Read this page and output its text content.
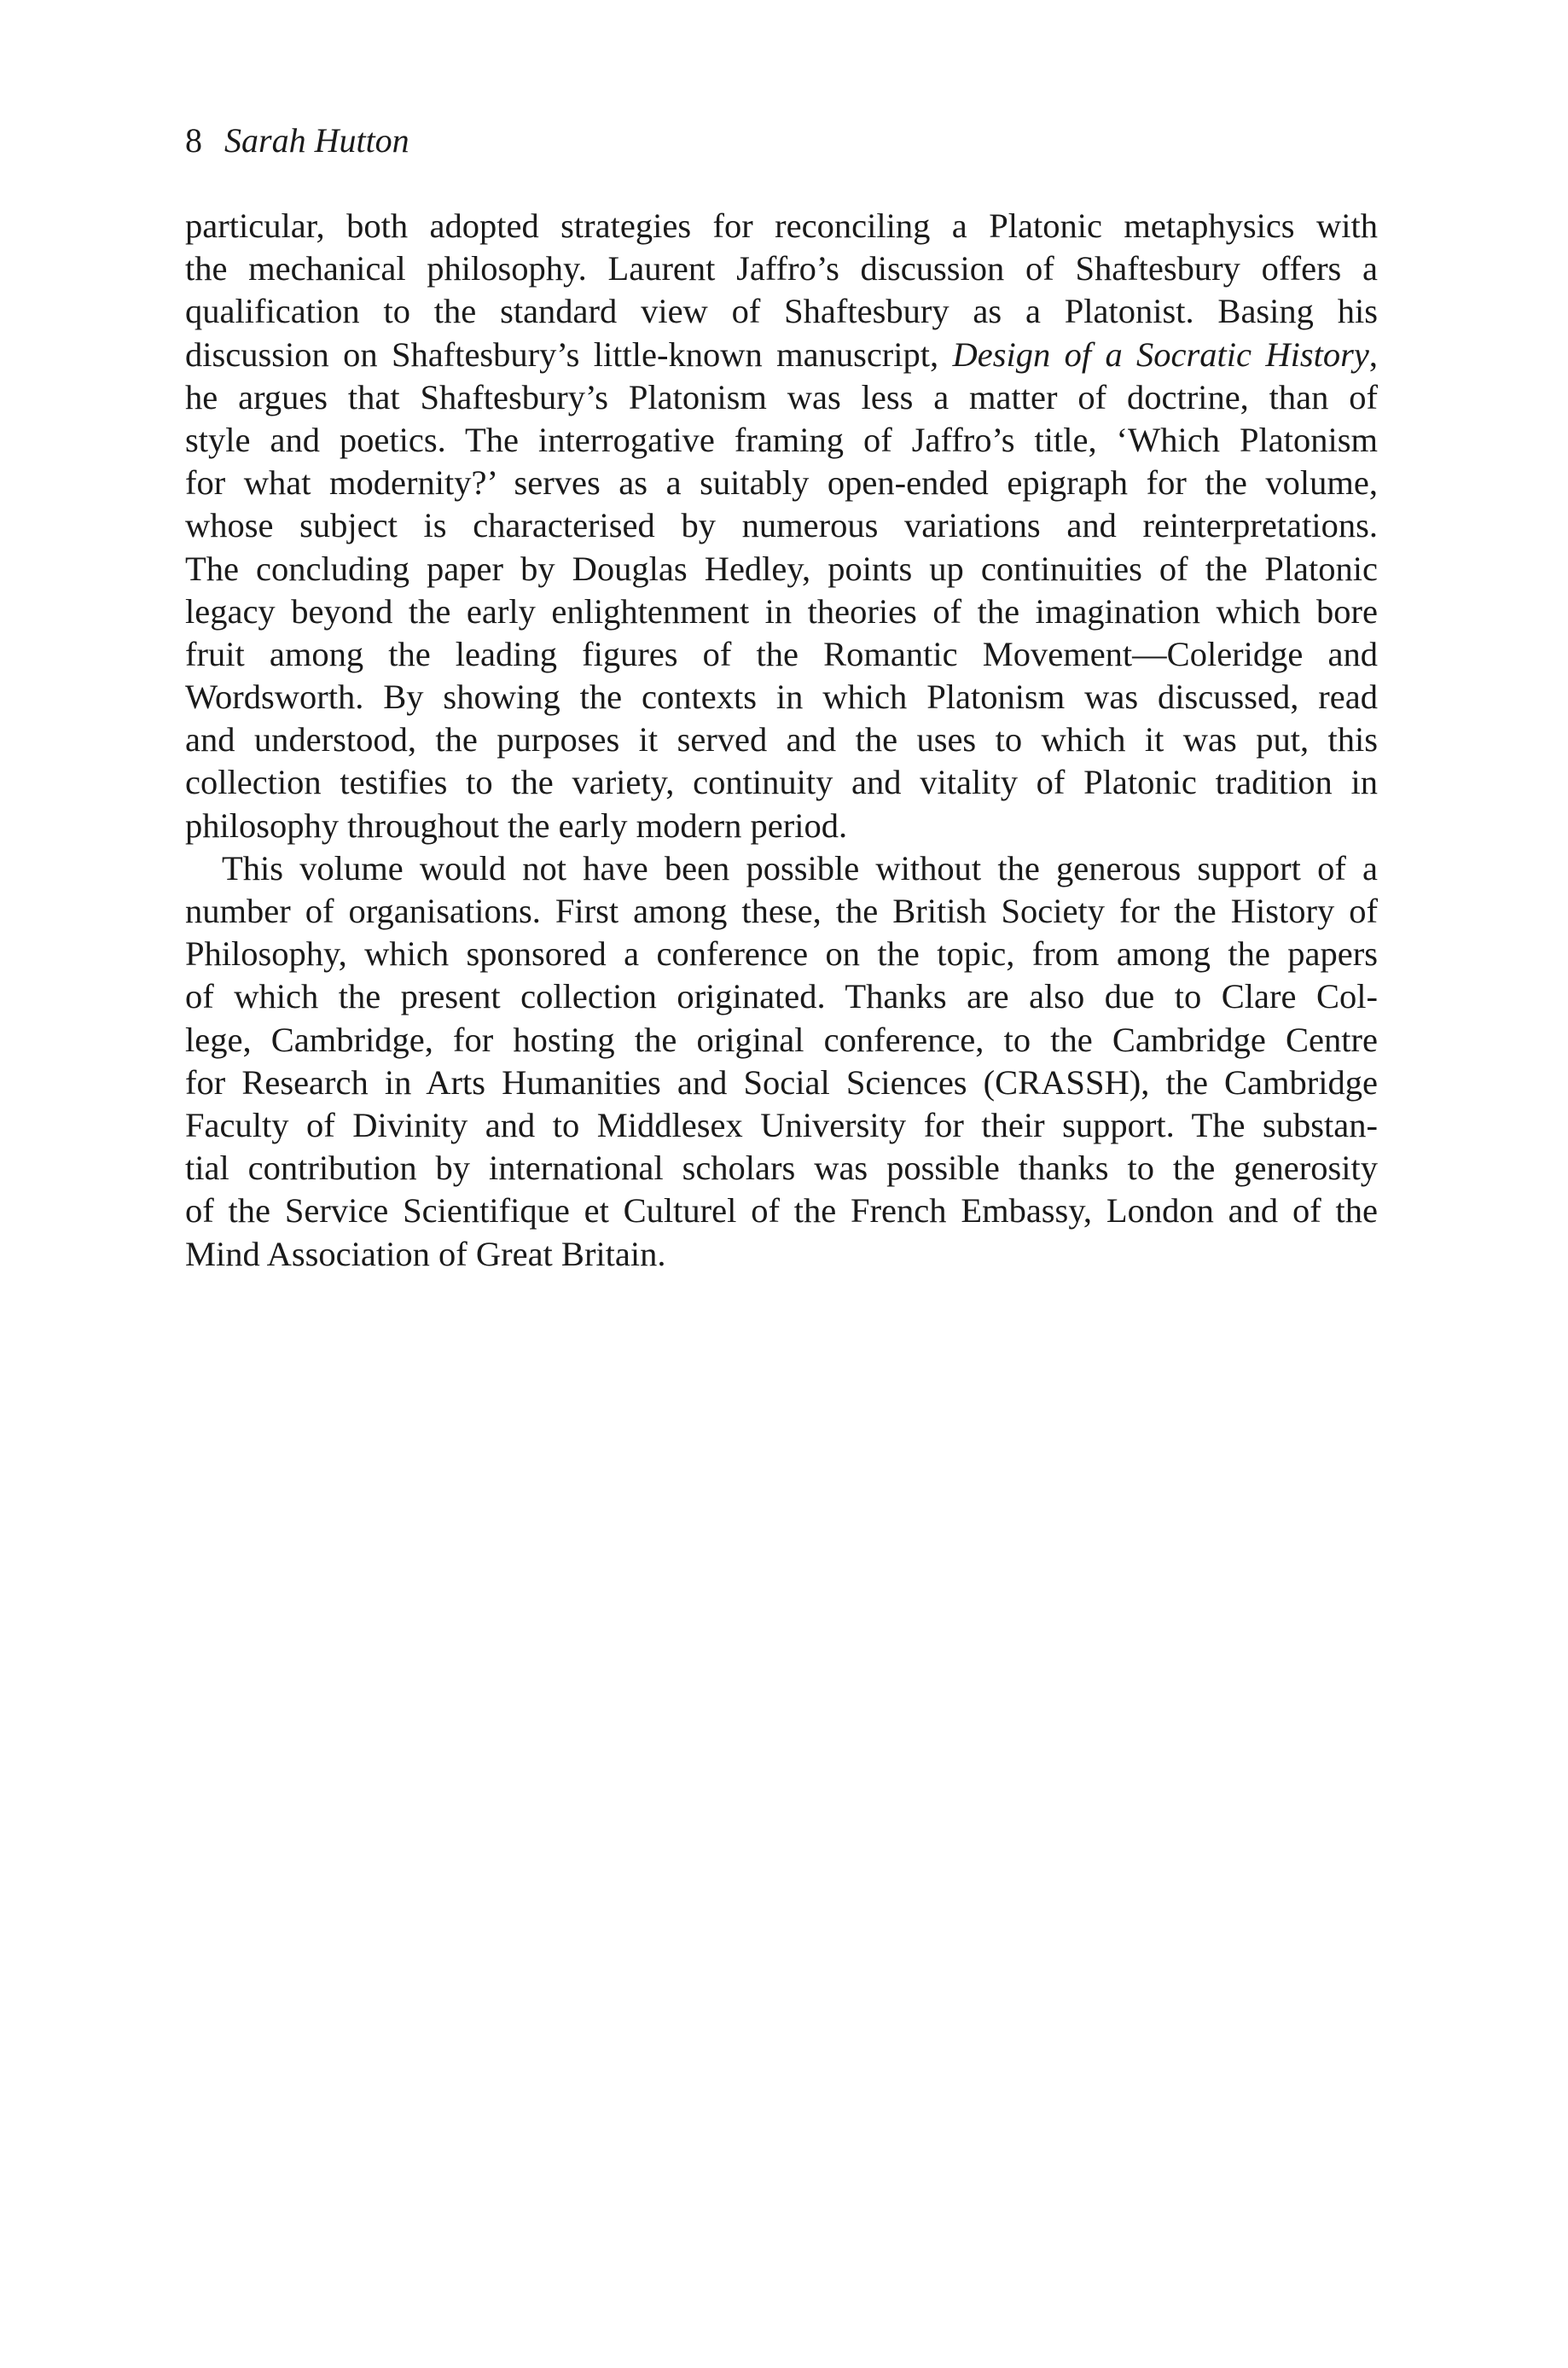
8 Sarah Hutton
particular, both adopted strategies for reconciling a Platonic metaphysics with
the mechanical philosophy. Laurent Jaffro’s discussion of Shaftesbury offers a
qualification to the standard view of Shaftesbury as a Platonist. Basing his
discussion on Shaftesbury’s little-known manuscript, Design of a Socratic History,
he argues that Shaftesbury’s Platonism was less a matter of doctrine, than of
style and poetics. The interrogative framing of Jaffro’s title, ‘Which Platonism
for what modernity?’ serves as a suitably open-ended epigraph for the volume,
whose subject is characterised by numerous variations and reinterpretations.
The concluding paper by Douglas Hedley, points up continuities of the Platonic
legacy beyond the early enlightenment in theories of the imagination which bore
fruit among the leading figures of the Romantic Movement—Coleridge and
Wordsworth. By showing the contexts in which Platonism was discussed, read
and understood, the purposes it served and the uses to which it was put, this
collection testifies to the variety, continuity and vitality of Platonic tradition in
philosophy throughout the early modern period.
This volume would not have been possible without the generous support of a
number of organisations. First among these, the British Society for the History of
Philosophy, which sponsored a conference on the topic, from among the papers
of which the present collection originated. Thanks are also due to Clare Col-
lege, Cambridge, for hosting the original conference, to the Cambridge Centre
for Research in Arts Humanities and Social Sciences (CRASSH), the Cambridge
Faculty of Divinity and to Middlesex University for their support. The substan-
tial contribution by international scholars was possible thanks to the generosity
of the Service Scientifique et Culturel of the French Embassy, London and of the
Mind Association of Great Britain.
